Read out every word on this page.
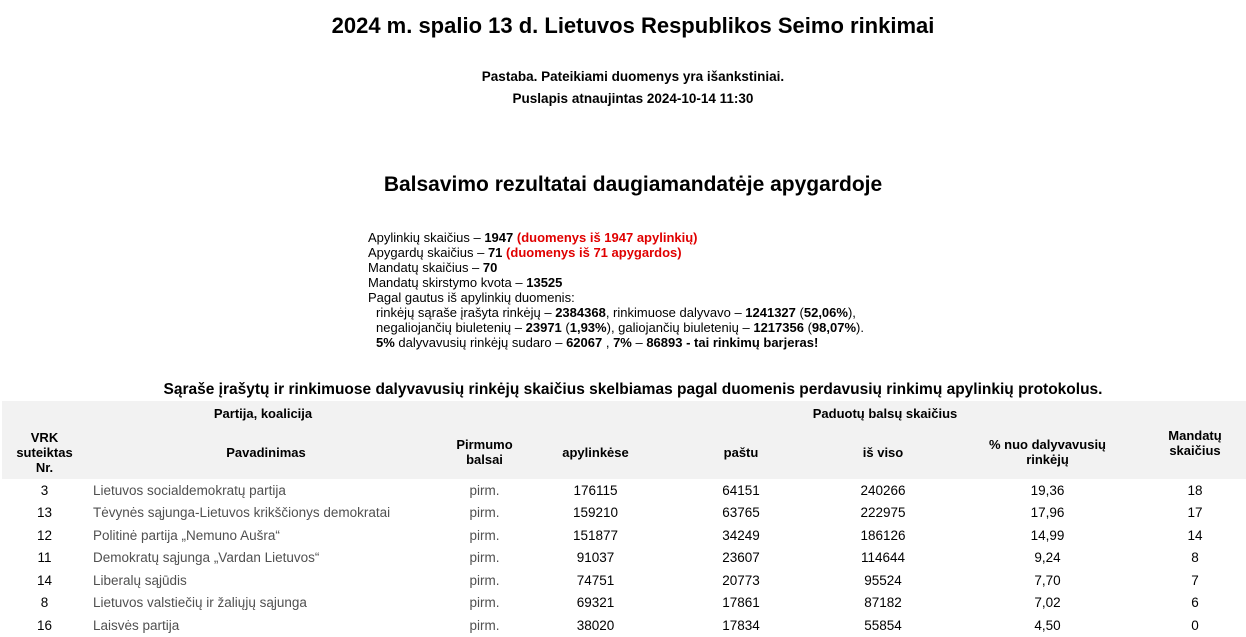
2024 m. spalio 13 d. Lietuvos Respublikos Seimo rinkimai
Pastaba. Pateikiami duomenys yra išankstiniai.
Puslapis atnaujintas 2024-10-14 11:30
Balsavimo rezultatai daugiamandatėje apygardoje
Apylinkių skaičius – 1947 (duomenys iš 1947 apylinkių)
Apygardų skaičius – 71 (duomenys iš 71 apygardos)
Mandatų skaičius – 70
Mandatų skirstymo kvota – 13525
Pagal gautus iš apylinkių duomenis:
rinkėjų sąraše įrašyta rinkėjų – 2384368, rinkimuose dalyvavo – 1241327 (52,06%),
negaliojančių biuletenių – 23971 (1,93%), galiojančių biuletenių – 1217356 (98,07%).
5% dalyvavusių rinkėjų sudaro – 62067 , 7% – 86893 - tai rinkimų barjeras!
Sąraše įrašytų ir rinkimuose dalyvavusių rinkėjų skaičius skelbiamas pagal duomenis perdavusių rinkimų apylinkių protokolus.
Partija, koalicija			Paduotų balsų skaičius				
VRK suteiktas Nr.	Pavadinimas	Pirmumo balsai	apylinkėse	paštu	iš viso	% nuo dalyvavusių rinkėjų	Mandatų skaičius
3	Lietuvos socialdemokratų partija	pirm.	176115	64151	240266	19,36	18
13	Tėvynės sąjunga-Lietuvos krikščionys demokratai	pirm.	159210	63765	222975	17,96	17
12	Politinė partija „Nemuno Aušra“	pirm.	151877	34249	186126	14,99	14
11	Demokratų sąjunga „Vardan Lietuvos“	pirm.	91037	23607	114644	9,24	8
14	Liberalų sąjūdis	pirm.	74751	20773	95524	7,70	7
8	Lietuvos valstiečių ir žaliųjų sąjunga	pirm.	69321	17861	87182	7,02	6
16	Laisvės partija	pirm.	38020	17834	55854	4,50	0
